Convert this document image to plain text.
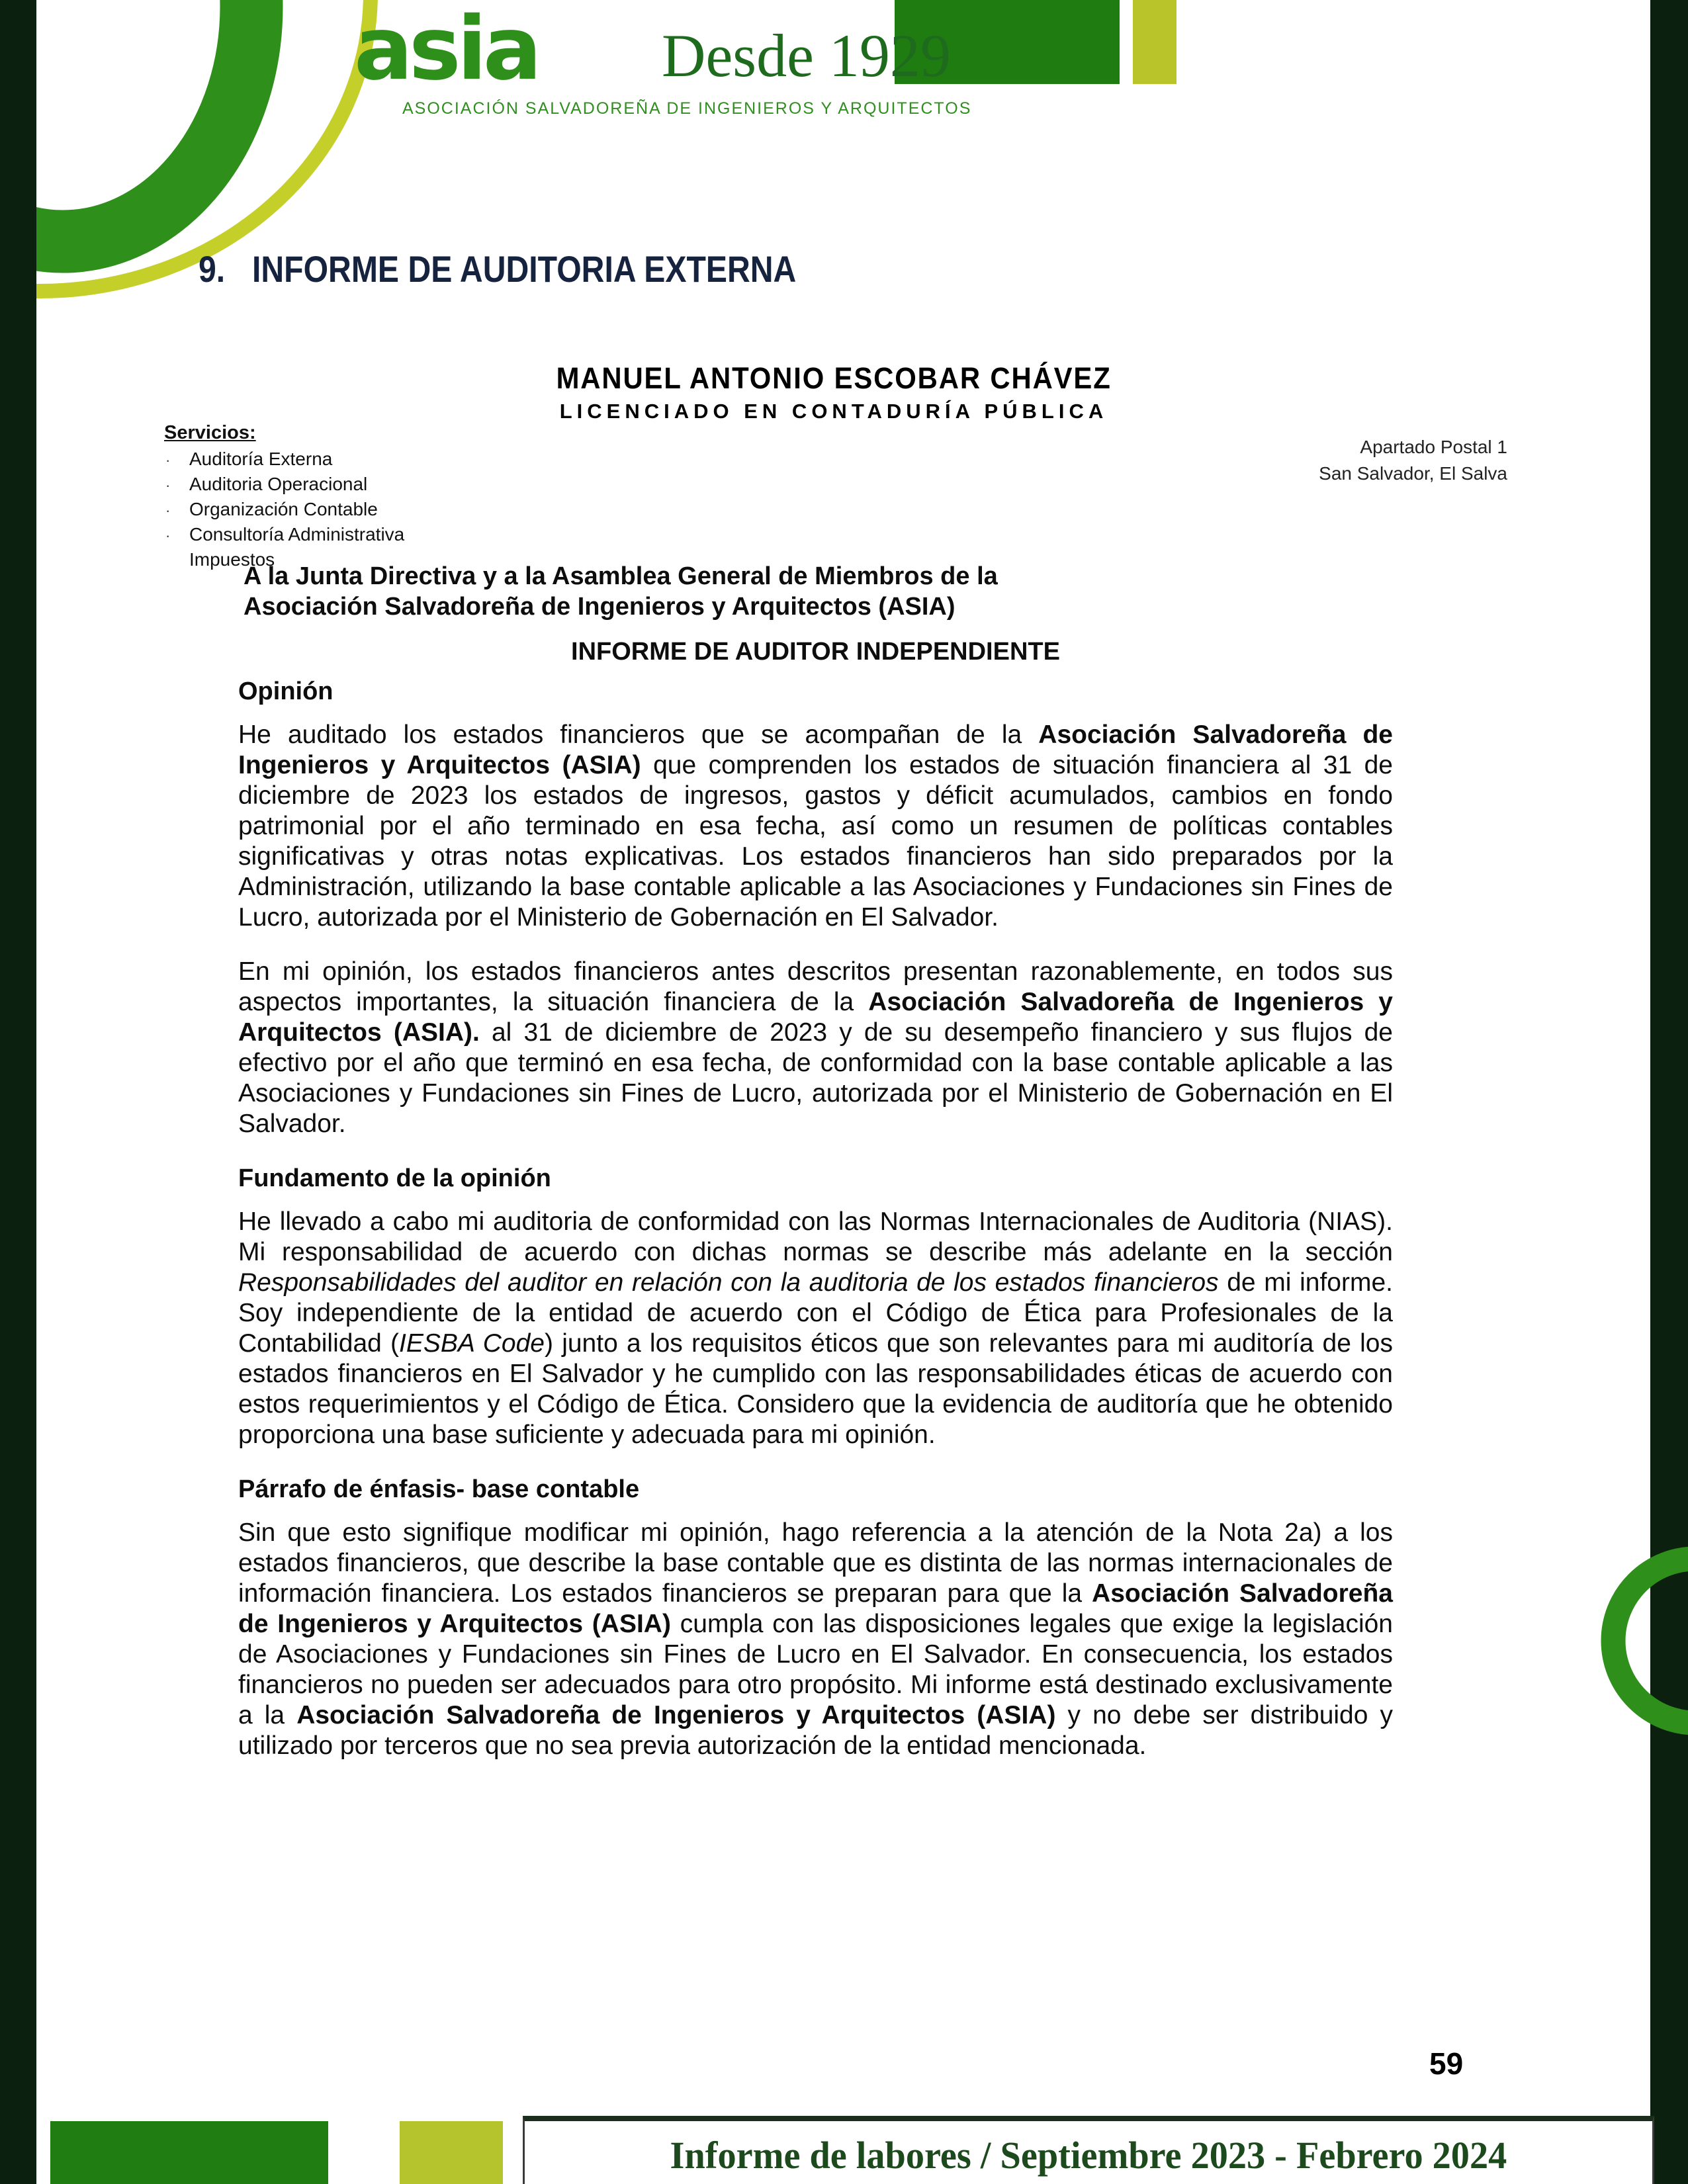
asia Desde 1929
ASOCIACIÓN SALVADOREÑA DE INGENIEROS Y ARQUITECTOS
9. INFORME DE AUDITORIA EXTERNA
MANUEL ANTONIO ESCOBAR CHÁVEZ
LICENCIADO EN CONTADURÍA PÚBLICA
Servicios:
·	Auditoría Externa
·	Auditoria Operacional
·	Organización Contable
·	Consultoría Administrativa
Impuestos
Apartado Postal 1
San Salvador, El Salva
A la Junta Directiva y a la Asamblea General de Miembros de la
Asociación Salvadoreña de Ingenieros y Arquitectos (ASIA)
INFORME DE AUDITOR INDEPENDIENTE
Opinión

He auditado los estados financieros que se acompañan de la Asociación Salvadoreña de Ingenieros y Arquitectos (ASIA) que comprenden los estados de situación financiera al 31 de diciembre de 2023 los estados de ingresos, gastos y déficit acumulados, cambios en fondo patrimonial por el año terminado en esa fecha, así como un resumen de políticas contables significativas y otras notas explicativas. Los estados financieros han sido preparados por la Administración, utilizando la base contable aplicable a las Asociaciones y Fundaciones sin Fines de Lucro, autorizada por el Ministerio de Gobernación en El Salvador.

En mi opinión, los estados financieros antes descritos presentan razonablemente, en todos sus aspectos importantes, la situación financiera de la Asociación Salvadoreña de Ingenieros y Arquitectos (ASIA). al 31 de diciembre de 2023 y de su desempeño financiero y sus flujos de efectivo por el año que terminó en esa fecha, de conformidad con la base contable aplicable a las Asociaciones y Fundaciones sin Fines de Lucro, autorizada por el Ministerio de Gobernación en El Salvador.

Fundamento de la opinión

He llevado a cabo mi auditoria de conformidad con las Normas Internacionales de Auditoria (NIAS). Mi responsabilidad de acuerdo con dichas normas se describe más adelante en la sección Responsabilidades del auditor en relación con la auditoria de los estados financieros de mi informe. Soy independiente de la entidad de acuerdo con el Código de Ética para Profesionales de la Contabilidad (IESBA Code) junto a los requisitos éticos que son relevantes para mi auditoría de los estados financieros en El Salvador y he cumplido con las responsabilidades éticas de acuerdo con estos requerimientos y el Código de Ética. Considero que la evidencia de auditoría que he obtenido proporciona una base suficiente y adecuada para mi opinión.

Párrafo de énfasis- base contable

Sin que esto signifique modificar mi opinión, hago referencia a la atención de la Nota 2a) a los estados financieros, que describe la base contable que es distinta de las normas internacionales de información financiera. Los estados financieros se preparan para que la Asociación Salvadoreña de Ingenieros y Arquitectos (ASIA) cumpla con las disposiciones legales que exige la legislación de Asociaciones y Fundaciones sin Fines de Lucro en El Salvador. En consecuencia, los estados financieros no pueden ser adecuados para otro propósito. Mi informe está destinado exclusivamente a la Asociación Salvadoreña de Ingenieros y Arquitectos (ASIA) y no debe ser distribuido y utilizado por terceros que no sea previa autorización de la entidad mencionada.

59
Informe de labores / Septiembre 2023 - Febrero 2024
